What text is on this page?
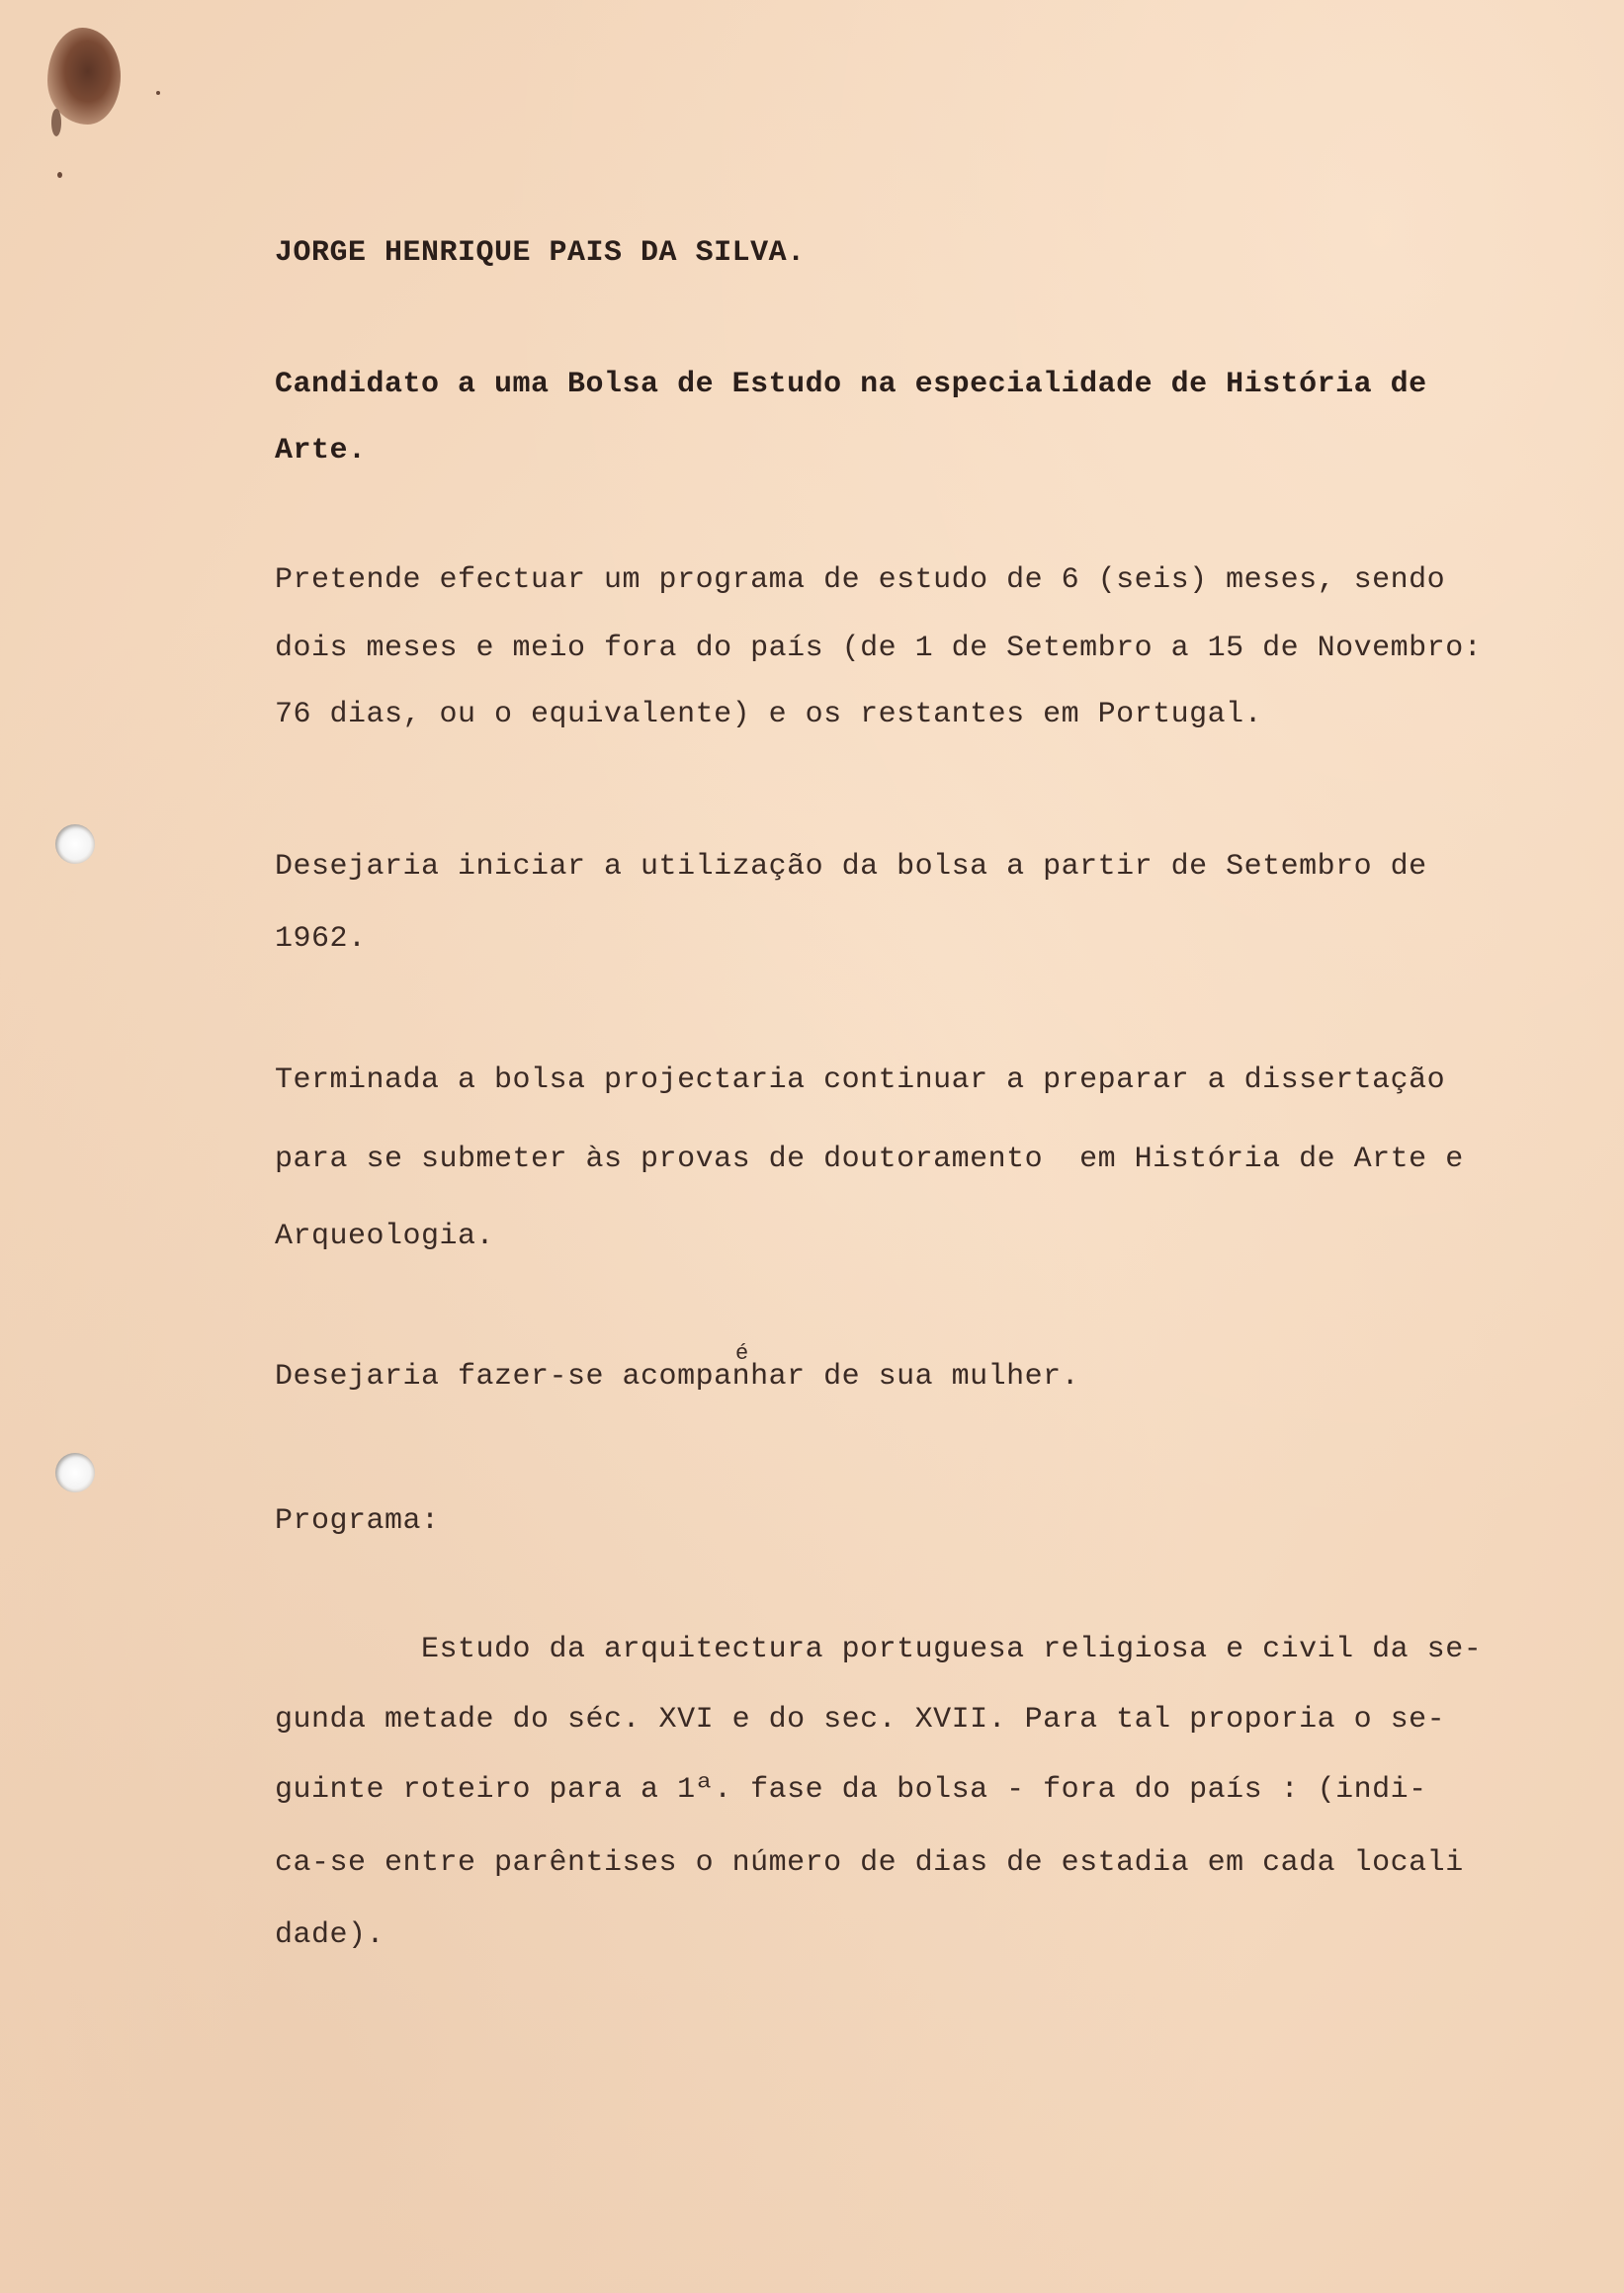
JORGE HENRIQUE PAIS DA SILVA.
Candidato a uma Bolsa de Estudo na especialidade de História de
Arte.
Pretende efectuar um programa de estudo de 6 (seis) meses, sendo
dois meses e meio fora do país (de 1 de Setembro a 15 de Novembro:
76 dias, ou o equivalente) e os restantes em Portugal.
Desejaria iniciar a utilização da bolsa a partir de Setembro de
1962.
Terminada a bolsa projectaria continuar a preparar a dissertação
para se submeter às provas de doutoramento  em História de Arte e
Arqueologia.
é
Desejaria fazer-se acompanhar de sua mulher.
Programa:
Estudo da arquitectura portuguesa religiosa e civil da se-
gunda metade do séc. XVI e do sec. XVII. Para tal proporia o se-
guinte roteiro para a 1ª. fase da bolsa - fora do país : (indi-
ca-se entre parêntises o número de dias de estadia em cada locali
dade).
